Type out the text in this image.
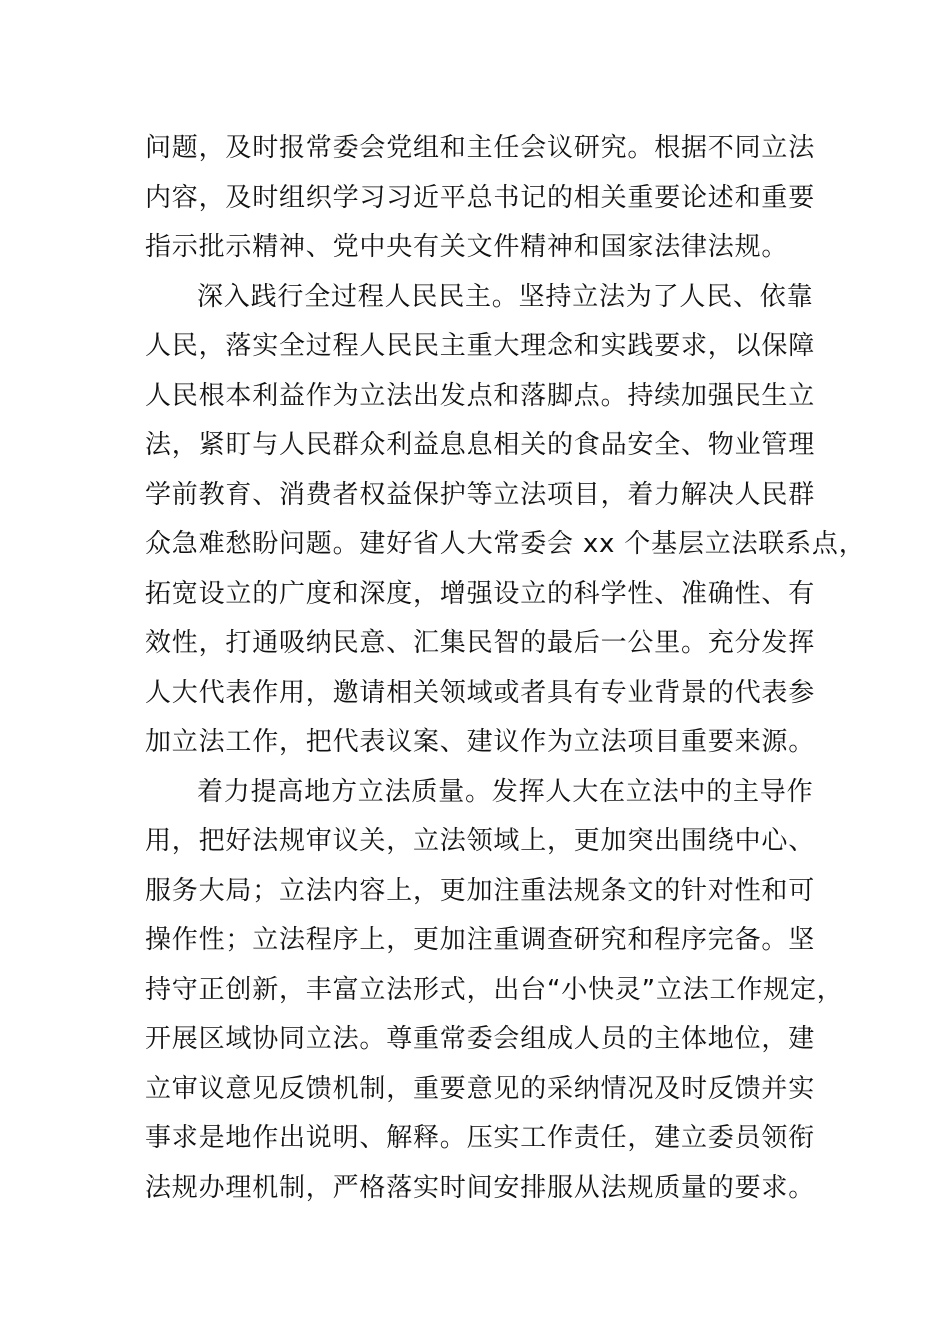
问题，及时报常委会党组和主任会议研究。根据不同立法
内容，及时组织学习习近平总书记的相关重要论述和重要
指示批示精神、党中央有关文件精神和国家法律法规。
深入践行全过程人民民主。坚持立法为了人民、依靠
人民，落实全过程人民民主重大理念和实践要求，以保障
人民根本利益作为立法出发点和落脚点。持续加强民生立
法，紧盯与人民群众利益息息相关的食品安全、物业管理
学前教育、消费者权益保护等立法项目，着力解决人民群
众急难愁盼问题。建好省人大常委会 xx 个基层立法联系点，
拓宽设立的广度和深度，增强设立的科学性、准确性、有
效性，打通吸纳民意、汇集民智的最后一公里。充分发挥
人大代表作用，邀请相关领域或者具有专业背景的代表参
加立法工作，把代表议案、建议作为立法项目重要来源。
着力提高地方立法质量。发挥人大在立法中的主导作
用，把好法规审议关，立法领域上，更加突出围绕中心、
服务大局；立法内容上，更加注重法规条文的针对性和可
操作性；立法程序上，更加注重调查研究和程序完备。坚
持守正创新，丰富立法形式，出台“小快灵”立法工作规定，
开展区域协同立法。尊重常委会组成人员的主体地位，建
立审议意见反馈机制，重要意见的采纳情况及时反馈并实
事求是地作出说明、解释。压实工作责任，建立委员领衔
法规办理机制，严格落实时间安排服从法规质量的要求。
